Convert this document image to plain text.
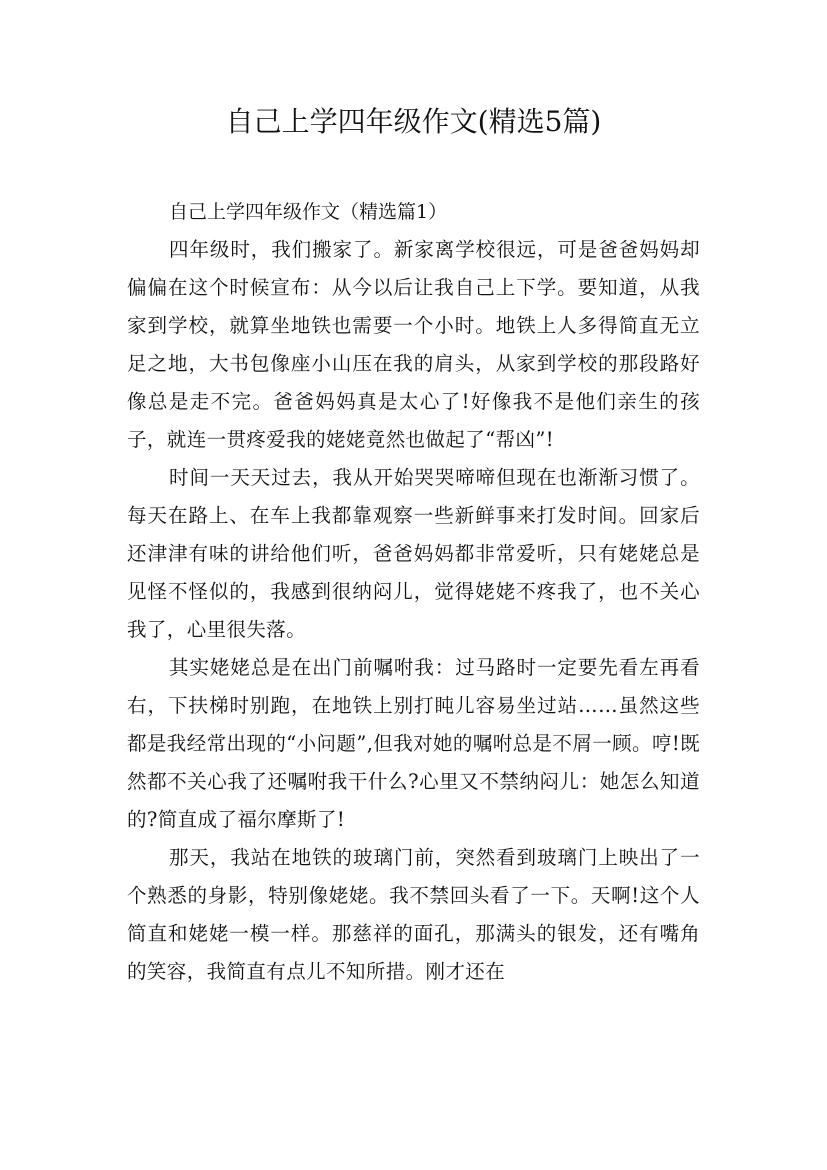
自己上学四年级作文(精选5篇)

自己上学四年级作文（精选篇1）

四年级时，我们搬家了。新家离学校很远，可是爸爸妈妈却偏偏在这个时候宣布：从今以后让我自己上下学。要知道，从我家到学校，就算坐地铁也需要一个小时。地铁上人多得简直无立足之地，大书包像座小山压在我的肩头，从家到学校的那段路好像总是走不完。爸爸妈妈真是太心了!好像我不是他们亲生的孩子，就连一贯疼爱我的姥姥竟然也做起了“帮凶”!

时间一天天过去，我从开始哭哭啼啼但现在也渐渐习惯了。每天在路上、在车上我都靠观察一些新鲜事来打发时间。回家后还津津有味的讲给他们听，爸爸妈妈都非常爱听，只有姥姥总是见怪不怪似的，我感到很纳闷儿，觉得姥姥不疼我了，也不关心我了，心里很失落。

其实姥姥总是在出门前嘱咐我：过马路时一定要先看左再看右，下扶梯时别跑，在地铁上别打盹儿容易坐过站……虽然这些都是我经常出现的“小问题”,但我对她的嘱咐总是不屑一顾。哼!既然都不关心我了还嘱咐我干什么?心里又不禁纳闷儿：她怎么知道的?简直成了福尔摩斯了!

那天，我站在地铁的玻璃门前，突然看到玻璃门上映出了一个熟悉的身影，特别像姥姥。我不禁回头看了一下。天啊!这个人简直和姥姥一模一样。那慈祥的面孔，那满头的银发，还有嘴角的笑容，我简直有点儿不知所措。刚才还在
